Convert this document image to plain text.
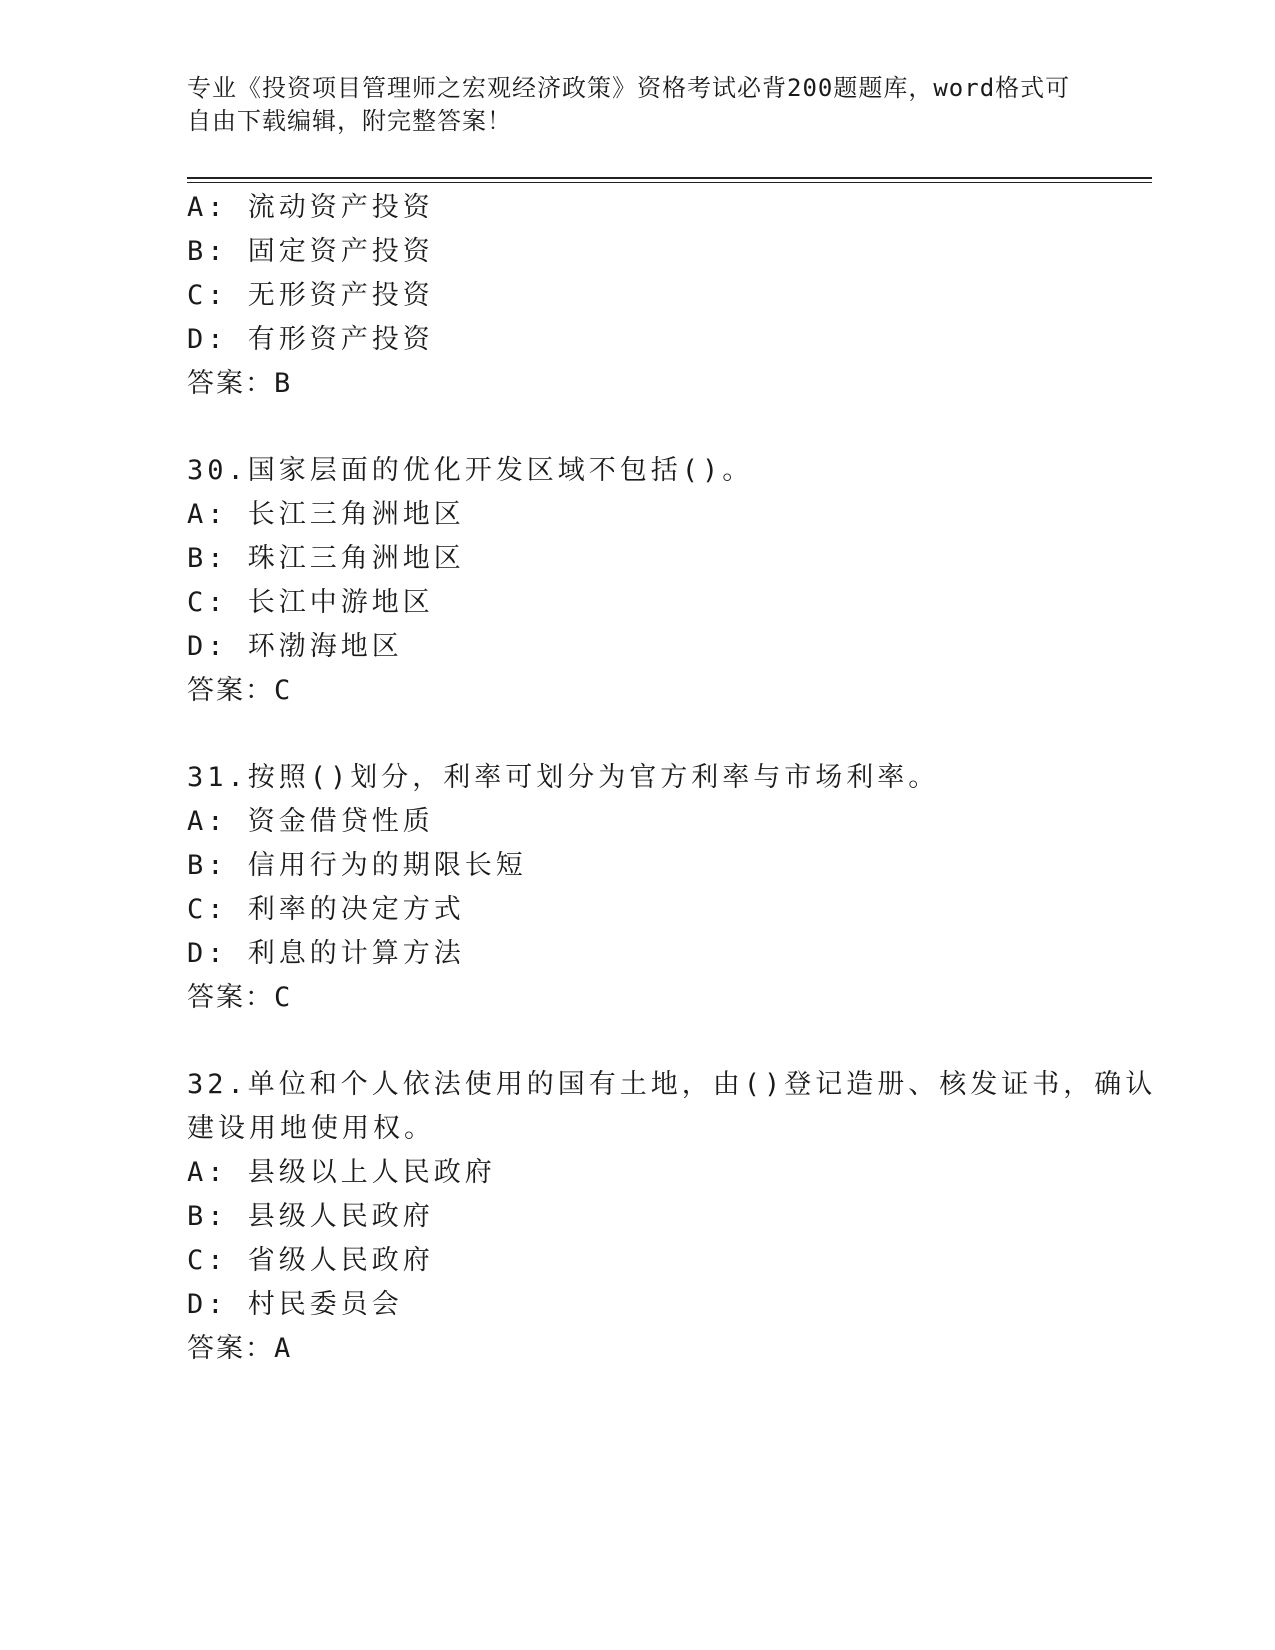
专业《投资项目管理师之宏观经济政策》资格考试必背200题题库，word格式可
自由下载编辑，附完整答案！
A: 流动资产投资
B: 固定资产投资
C: 无形资产投资
D: 有形资产投资
答案：B
30.国家层面的优化开发区域不包括()。
A: 长江三角洲地区
B: 珠江三角洲地区
C: 长江中游地区
D: 环渤海地区
答案：C
31.按照()划分，利率可划分为官方利率与市场利率。
A: 资金借贷性质
B: 信用行为的期限长短
C: 利率的决定方式
D: 利息的计算方法
答案：C
32.单位和个人依法使用的国有土地，由()登记造册、核发证书，确认
建设用地使用权。
A: 县级以上人民政府
B: 县级人民政府
C: 省级人民政府
D: 村民委员会
答案：A
